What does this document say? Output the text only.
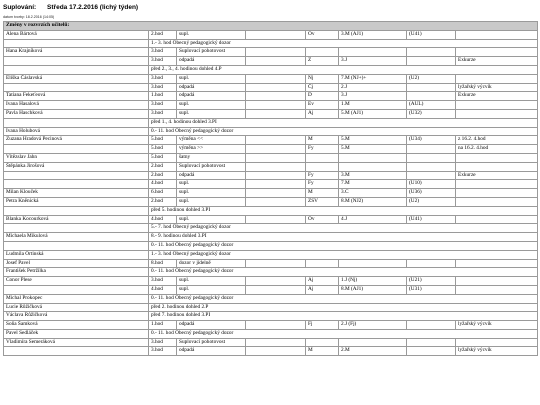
Suplování: Středa 17.2.2016 (lichý týden)
datum tvorby: 18.2.2016 (14:05)
Změny v rozvrzích učitelů:							
Alena Bártová	2.hod	supl.		Ov	3.M (AJ1)	(U41)	
	1.- 3. hod Obecný pedagogický dozor						
Hana Krajníková	3.hod	Suplovací pohotovost					
	3.hod	odpadá		Z	3.J		Exkurze
	před 2., 3., 4. hodinou dohled 4.P						
Eliška Čáslavská	3.hod	supl.		Nj	7.M (NJ+)+	(U2)	
	3.hod	odpadá		Čj	2.J		lyžařský výcvik
Tatiana Fekeťeová	1.hod	odpadá		D	3.J		Exkurze
Ivana Hasalová	3.hod	supl.		Ev	1.M	(AUL)	
Pavla Haschková	3.hod	supl.		Aj	5.M (AJ1)	(U32)	
	před 1., 4. hodinou dohled 3.PI						
Ivana Holubová	0.- 11. hod Obecný pedagogický dozor						
Zuzana Hradová Pecinová	5.hod	výměna <<		M	5.M	(U34)	z 16.2. 4.hod
	5.hod	výměna >>		Fy	5.M		na 16.2. 4.hod
Vítězslav Jahn	5.hod	šatny					
Štěpánka Jirošová	2.hod	Suplovací pohotovost					
	2.hod	odpadá		Fy	3.M		Exkurze
	4.hod	supl.		Fy	7.M	(U10)	
Milan Klouček	6.hod	supl.		M	3.C	(U36)	
Petra Kněnická	2.hod	supl.		ZSV	8.M (NJ2)	(U2)	
	před 5. hodinou dohled 3.PI						
Blanka Kocourková	4.hod	supl.		Ov	4.J	(U41)	
	5.- 7. hod Obecný pedagogický dozor						
Michaela Mikulová	8.- 9. hodinou dohled 3.PI						
	0.- 11. hod Obecný pedagogický dozor						
Ludmila Ortinská	1.- 3. hod Obecný pedagogický dozor						
Josef Pavel	8.hod	dozor v jídelně					
František Petržílka	0.- 11. hod Obecný pedagogický dozor						
Conor Plese	3.hod	supl.		Aj	1.J (Nj)	(U21)	
	4.hod	supl.		Aj	8.M (AJ1)	(U31)	
Michal Prokopec	0.- 11. hod Obecný pedagogický dozor						
Lucie Růžičková	před 2. hodinou dohled 2.P						
Václava Růžičková	před 7. hodinou dohled 3.PI						
Soňa Šamková	1.hod	odpadá		Fj	2.J (Fj)		lyžařský výcvik
Pavel Sedláček	0.- 11. hod Obecný pedagogický dozor						
Vladimíra Semeráková	3.hod	Suplovací pohotovost					
	3.hod	odpadá		M	2.M		lyžařský výcvik
